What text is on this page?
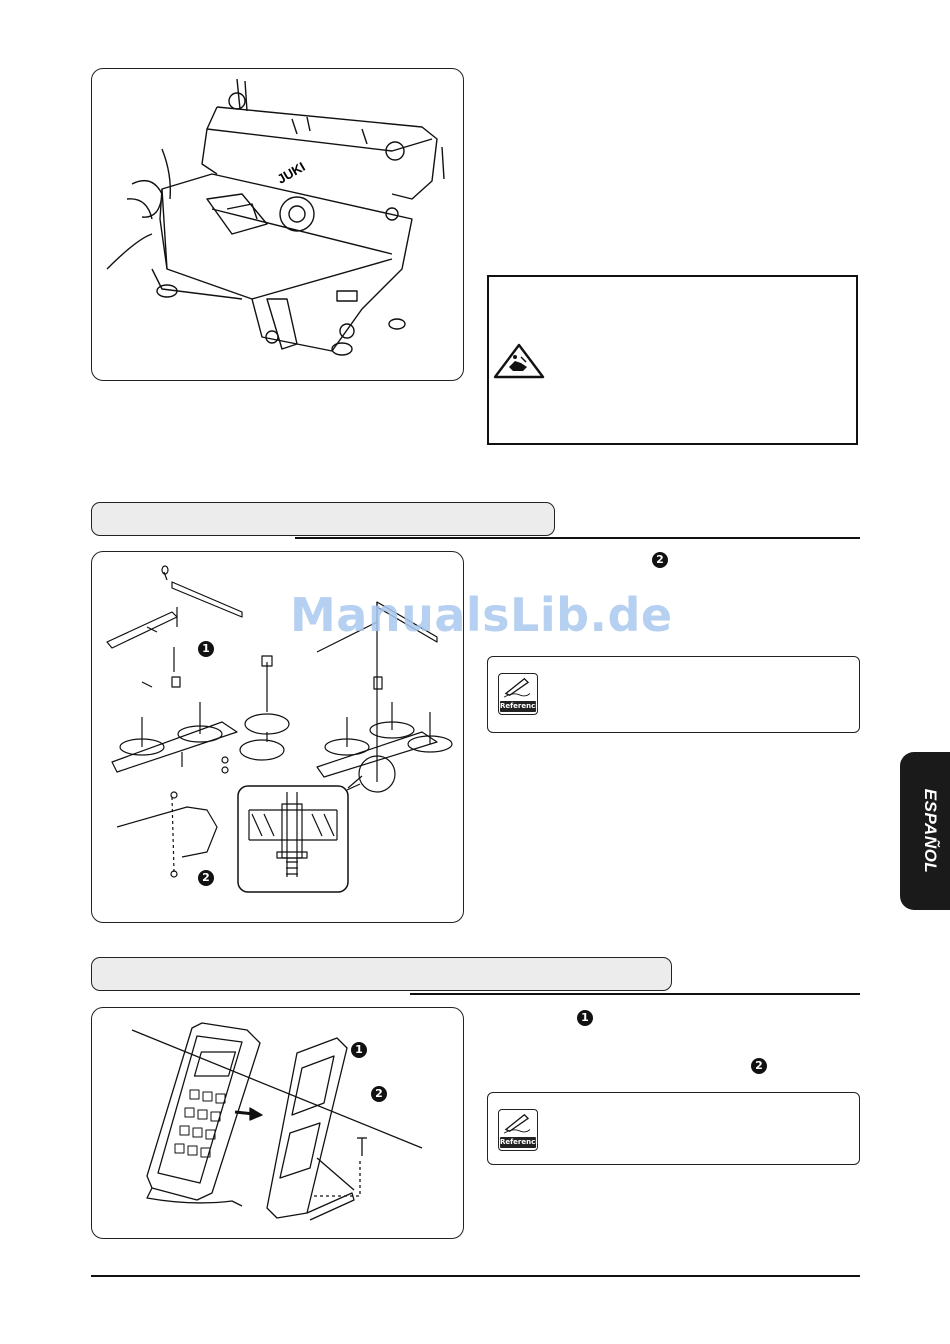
JUKI
1
2
2
Referencia
1
2
1
2
Referencia
ESPAÑOL
ManualsLib.de
